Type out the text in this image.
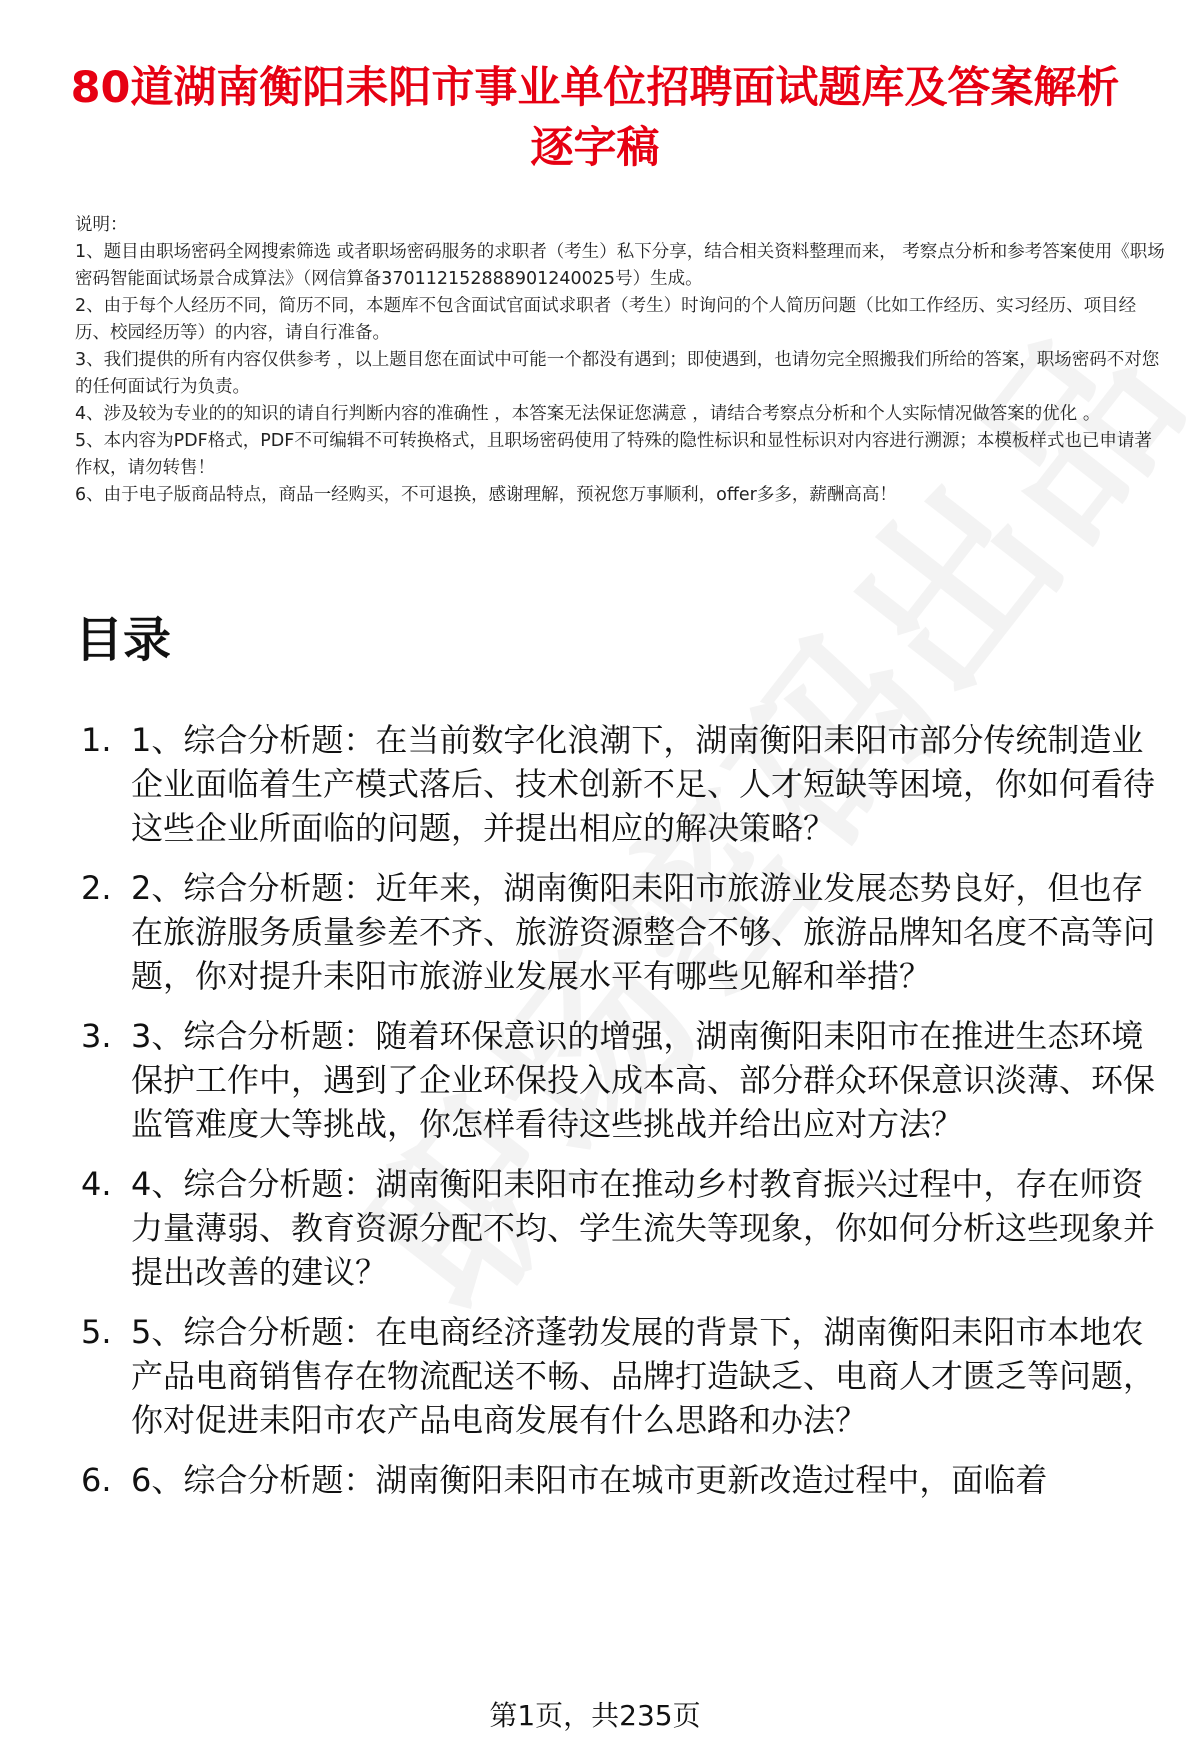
80道湖南衡阳耒阳市事业单位招聘面试题库及答案解析逐字稿
说明：
1、题目由职场密码全网搜索筛选 或者职场密码服务的求职者（考生）私下分享，结合相关资料整理而来， 考察点分析和参考答案使用《职场密码智能面试场景合成算法》（网信算备370112152888901240025号）生成。
2、由于每个人经历不同，简历不同，本题库不包含面试官面试求职者（考生）时询问的个人简历问题（比如工作经历、实习经历、项目经历、校园经历等）的内容，请自行准备。
3、我们提供的所有内容仅供参考 ，以上题目您在面试中可能一个都没有遇到；即使遇到，也请勿完全照搬我们所给的答案，职场密码不对您的任何面试行为负责。
4、涉及较为专业的的知识的请自行判断内容的准确性 ，本答案无法保证您满意 ，请结合考察点分析和个人实际情况做答案的优化 。
5、本内容为PDF格式，PDF不可编辑不可转换格式，且职场密码使用了特殊的隐性标识和显性标识对内容进行溯源；本模板样式也已申请著作权，请勿转售！
6、由于电子版商品特点，商品一经购买，不可退换，感谢理解，预祝您万事顺利，offer多多，薪酬高高！
目录
1. 1、综合分析题：在当前数字化浪潮下，湖南衡阳耒阳市部分传统制造业企业面临着生产模式落后、技术创新不足、人才短缺等困境，你如何看待这些企业所面临的问题，并提出相应的解决策略？
2. 2、综合分析题：近年来，湖南衡阳耒阳市旅游业发展态势良好，但也存在旅游服务质量参差不齐、旅游资源整合不够、旅游品牌知名度不高等问题，你对提升耒阳市旅游业发展水平有哪些见解和举措？
3. 3、综合分析题：随着环保意识的增强，湖南衡阳耒阳市在推进生态环境保护工作中，遇到了企业环保投入成本高、部分群众环保意识淡薄、环保监管难度大等挑战，你怎样看待这些挑战并给出应对方法？
4. 4、综合分析题：湖南衡阳耒阳市在推动乡村教育振兴过程中，存在师资力量薄弱、教育资源分配不均、学生流失等现象，你如何分析这些现象并提出改善的建议？
5. 5、综合分析题：在电商经济蓬勃发展的背景下，湖南衡阳耒阳市本地农产品电商销售存在物流配送不畅、品牌打造缺乏、电商人才匮乏等问题，你对促进耒阳市农产品电商发展有什么思路和办法？
6. 6、综合分析题：湖南衡阳耒阳市在城市更新改造过程中，面临着
第1页，共235页
